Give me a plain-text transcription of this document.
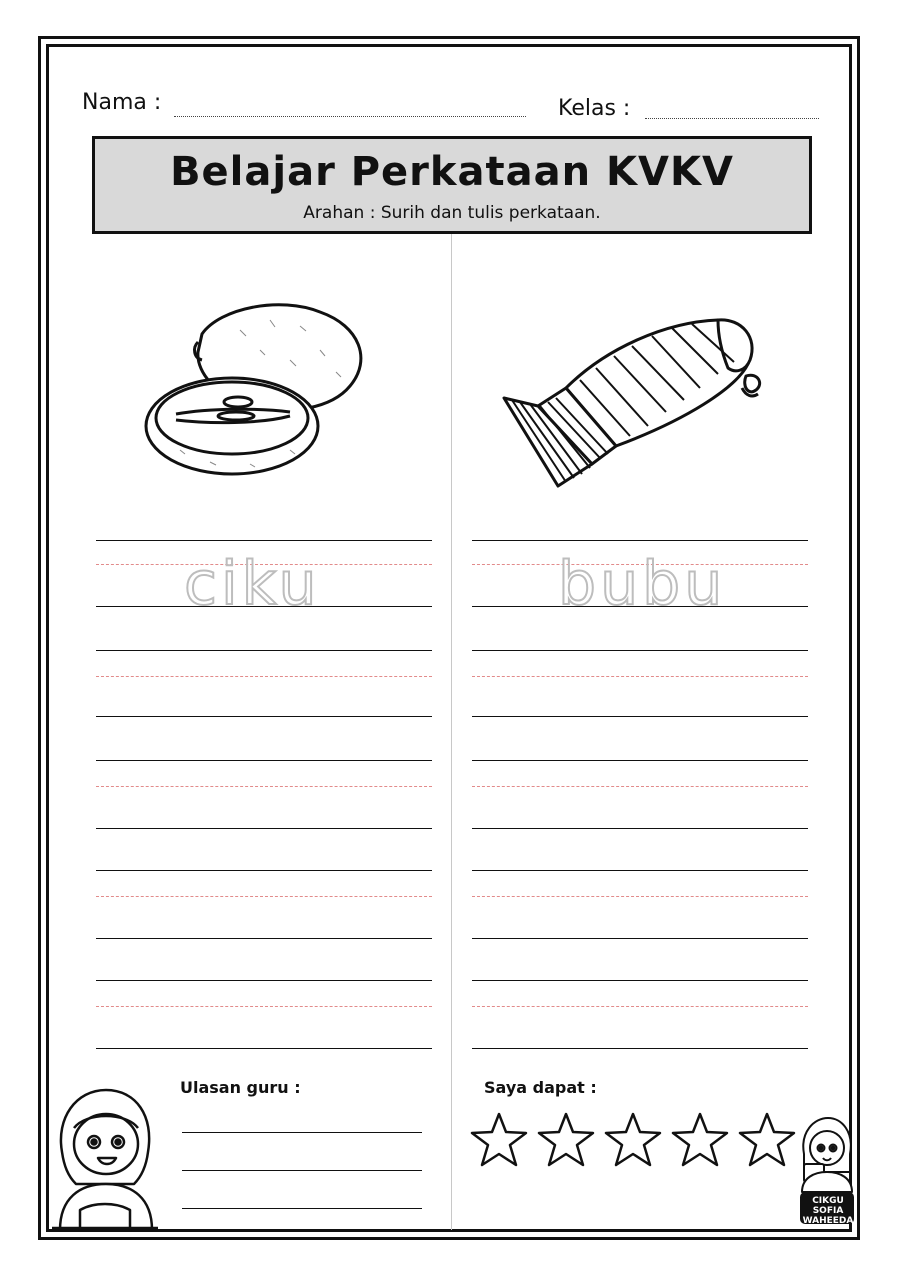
Nama :	Kelas :
Belajar Perkataan KVKV
Arahan : Surih dan tulis perkataan.
ciku	bubu
Ulasan guru :	Saya dapat :
CIKGU SOFIA WAHEEDA
